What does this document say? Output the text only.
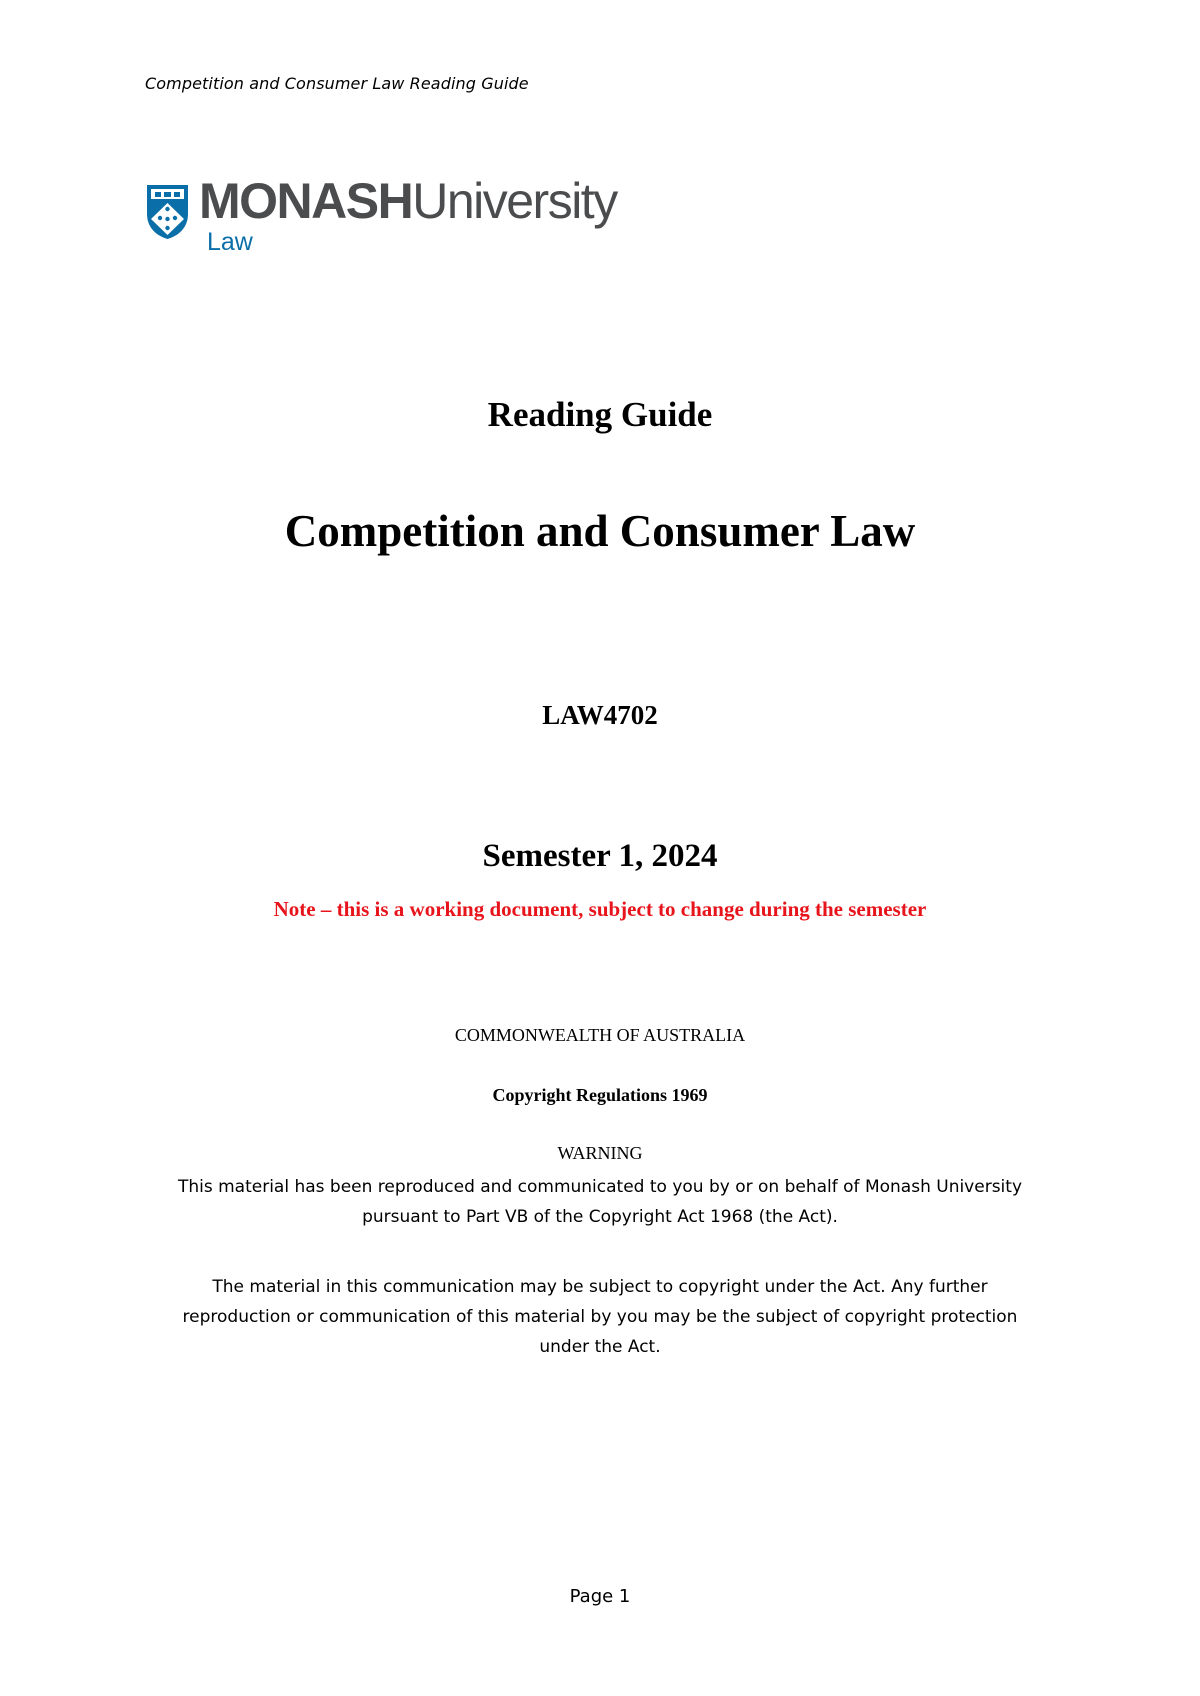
Competition and Consumer Law Reading Guide
MONASHUniversity
Law
Reading Guide
Competition and Consumer Law
LAW4702
Semester 1, 2024
Note – this is a working document, subject to change during the semester
COMMONWEALTH OF AUSTRALIA
Copyright Regulations 1969
WARNING
This material has been reproduced and communicated to you by or on behalf of Monash University
pursuant to Part VB of the Copyright Act 1968 (the Act).
The material in this communication may be subject to copyright under the Act. Any further
reproduction or communication of this material by you may be the subject of copyright protection
under the Act.
Page 1
